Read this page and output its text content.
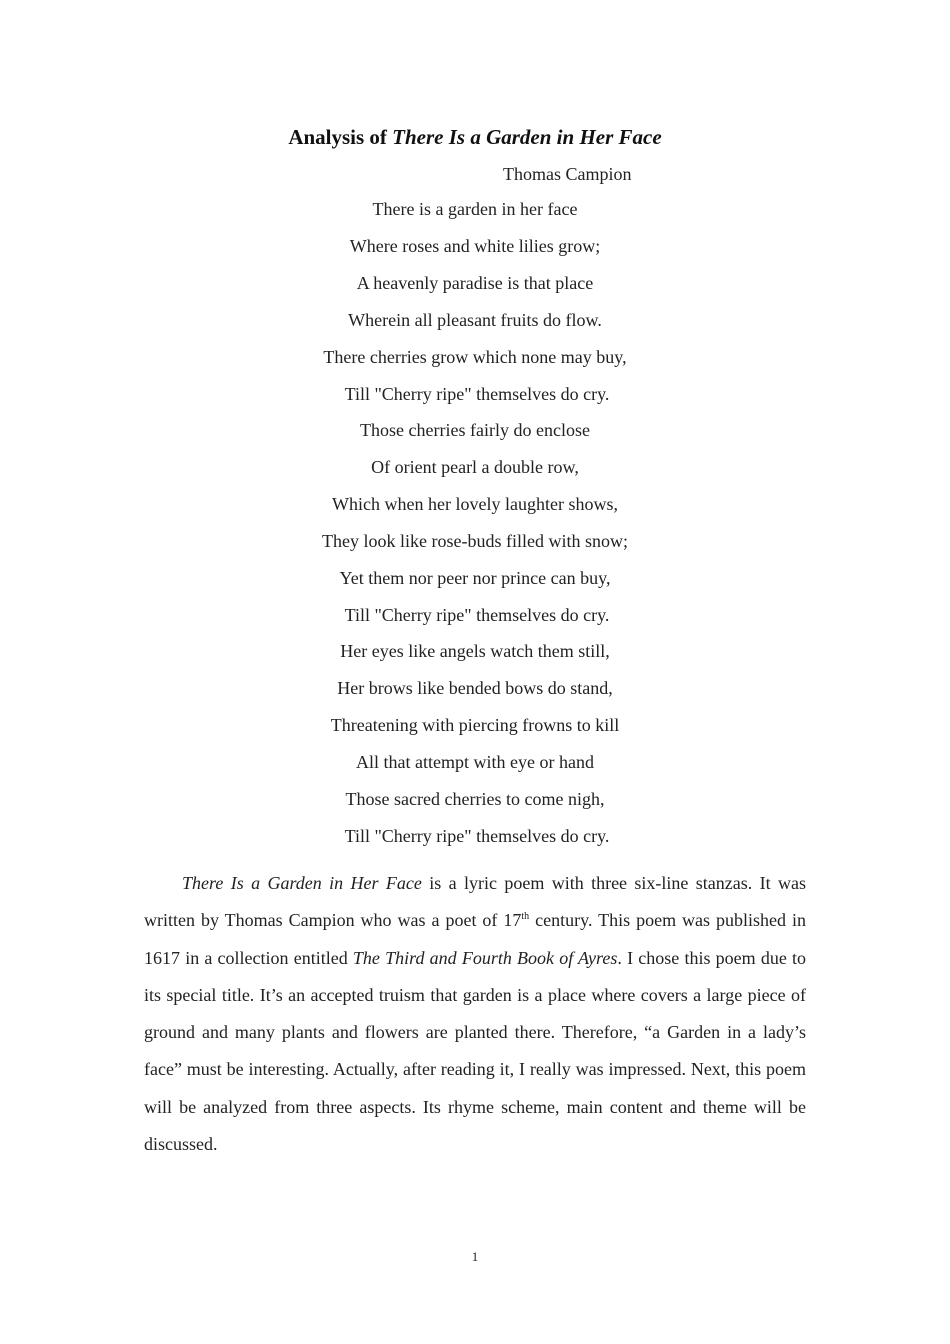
Analysis of There Is a Garden in Her Face

Thomas Campion

There is a garden in her face
Where roses and white lilies grow;
A heavenly paradise is that place
Wherein all pleasant fruits do flow.
There cherries grow which none may buy,
Till "Cherry ripe" themselves do cry.
Those cherries fairly do enclose
Of orient pearl a double row,
Which when her lovely laughter shows,
They look like rose-buds filled with snow;
Yet them nor peer nor prince can buy,
Till "Cherry ripe" themselves do cry.
Her eyes like angels watch them still,
Her brows like bended bows do stand,
Threatening with piercing frowns to kill
All that attempt with eye or hand
Those sacred cherries to come nigh,
Till "Cherry ripe" themselves do cry.

There Is a Garden in Her Face is a lyric poem with three six-line stanzas. It was written by Thomas Campion who was a poet of 17th century. This poem was published in 1617 in a collection entitled The Third and Fourth Book of Ayres. I chose this poem due to its special title. It’s an accepted truism that garden is a place where covers a large piece of ground and many plants and flowers are planted there. Therefore, “a Garden in a lady’s face” must be interesting. Actually, after reading it, I really was impressed. Next, this poem will be analyzed from three aspects. Its rhyme scheme, main content and theme will be discussed.

1
